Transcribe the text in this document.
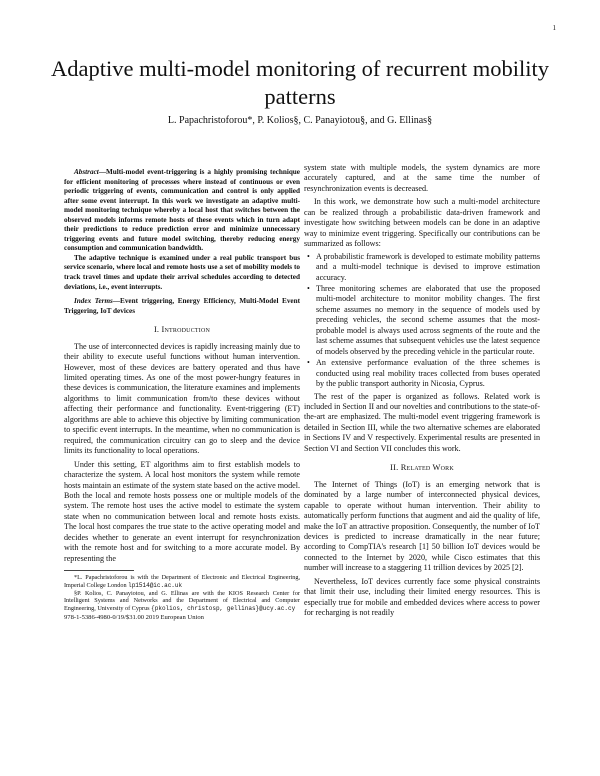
1
Adaptive multi-model monitoring of recurrent mobility patterns
L. Papachristoforou*, P. Kolios§, C. Panayiotou§, and G. Ellinas§

Abstract—Multi-model event-triggering is a highly promising technique for efficient monitoring of processes where instead of continuous or even periodic triggering of events, communication and control is only applied after some event interrupt. In this work we investigate an adaptive multi-model monitoring technique whereby a local host that switches between the observed models informs remote hosts of these events which in turn adapt their predictions to reduce prediction error and minimize unnecessary triggering events and future model switching, thereby reducing energy consumption and communication bandwidth.

The adaptive technique is examined under a real public transport bus service scenario, where local and remote hosts use a set of mobility models to track travel times and update their arrival schedules according to detected deviations, i.e., event interrupts.

Index Terms—Event triggering, Energy Efficiency, Multi-Model Event Triggering, IoT devices

I. Introduction

The use of interconnected devices is rapidly increasing mainly due to their ability to execute useful functions without human intervention. However, most of these devices are battery operated and thus have limited operating times. As one of the most power-hungry features in these devices is communication, the literature examines and implements algorithms to limit communication from/to these devices without affecting their performance and functionality. Event-triggering (ET) algorithms are able to achieve this objective by limiting communication to specific event interrupts. In the meantime, when no communication is required, the communication circuitry can go to sleep and the device limits its functionality to local operations.

Under this setting, ET algorithms aim to first establish models to characterize the system. A local host monitors the system while remote hosts maintain an estimate of the system state based on the active model. Both the local and remote hosts possess one or multiple models of the system. The remote host uses the active model to estimate the system state when no communication between local and remote hosts exists. The local host compares the true state to the active operating model and decides whether to generate an event interrupt for resynchronization with the remote host and for switching to a more accurate model. By representing the

*L. Papachristoforou is with the Department of Electronic and Electrical Engineering, Imperial College London lp1514@ic.ac.uk

§P. Kolios, C. Panayiotou, and G. Ellinas are with the KIOS Research Center for Intelligent Systems and Networks and the Department of Electrical and Computer Engineering, University of Cyprus {pkolios, christosp, gellinas}@ucy.ac.cy

978-1-5386-4980-0/19/$31.00 2019 European Union

system state with multiple models, the system dynamics are more accurately captured, and at the same time the number of resynchronization events is decreased.

In this work, we demonstrate how such a multi-model architecture can be realized through a probabilistic data-driven framework and investigate how switching between models can be done in an adaptive way to minimize event triggering. Specifically our contributions can be summarized as follows:

• A probabilistic framework is developed to estimate mobility patterns and a multi-model technique is devised to improve estimation accuracy.
• Three monitoring schemes are elaborated that use the proposed multi-model architecture to monitor mobility changes. The first scheme assumes no memory in the sequence of models used by preceding vehicles, the second scheme assumes that the most-probable model is always used across segments of the route and the last scheme assumes that subsequent vehicles use the latest sequence of models observed by the preceding vehicle in the particular route.
• An extensive performance evaluation of the three schemes is conducted using real mobility traces collected from buses operated by the public transport authority in Nicosia, Cyprus.

The rest of the paper is organized as follows. Related work is included in Section II and our novelties and contributions to the state-of-the-art are emphasized. The multi-model event triggering framework is detailed in Section III, while the two alternative schemes are elaborated in Sections IV and V respectively. Experimental results are presented in Section VI and Section VII concludes this work.

II. Related Work

The Internet of Things (IoT) is an emerging network that is dominated by a large number of interconnected physical devices, capable to operate without human intervention. Their ability to automatically perform functions that augment and aid the quality of life, make the IoT an attractive proposition. Consequently, the number of IoT devices is predicted to increase dramatically in the near future; according to CompTIA's research [1] 50 billion IoT devices would be connected to the Internet by 2020, while Cisco estimates that this number will increase to a staggering 11 trillion devices by 2025 [2].

Nevertheless, IoT devices currently face some physical constraints that limit their use, including their limited energy resources. This is especially true for mobile and embedded devices where access to power for recharging is not readily
